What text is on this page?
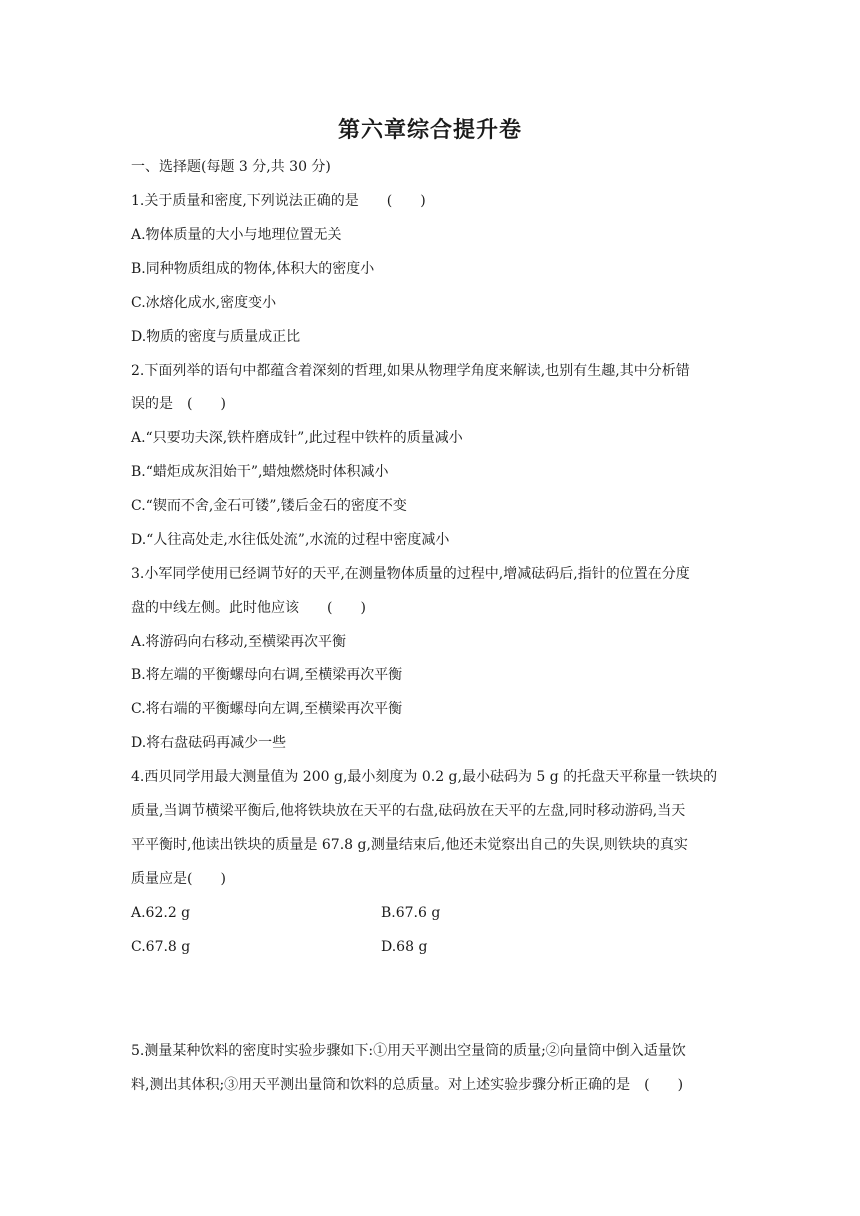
第六章综合提升卷
一、选择题(每题 3 分,共 30 分)
1.关于质量和密度,下列说法正确的是　　(　　)
A.物体质量的大小与地理位置无关
B.同种物质组成的物体,体积大的密度小
C.冰熔化成水,密度变小
D.物质的密度与质量成正比
2.下面列举的语句中都蕴含着深刻的哲理,如果从物理学角度来解读,也别有生趣,其中分析错
误的是　(　　)
A.“只要功夫深,铁杵磨成针”,此过程中铁杵的质量减小
B.“蜡炬成灰泪始干”,蜡烛燃烧时体积减小
C.“锲而不舍,金石可镂”,镂后金石的密度不变
D.“人往高处走,水往低处流”,水流的过程中密度减小
3.小军同学使用已经调节好的天平,在测量物体质量的过程中,增减砝码后,指针的位置在分度
盘的中线左侧。此时他应该　　(　　)
A.将游码向右移动,至横梁再次平衡
B.将左端的平衡螺母向右调,至横梁再次平衡
C.将右端的平衡螺母向左调,至横梁再次平衡
D.将右盘砝码再减少一些
4.西贝同学用最大测量值为 200 g,最小刻度为 0.2 g,最小砝码为 5 g 的托盘天平称量一铁块的
质量,当调节横梁平衡后,他将铁块放在天平的右盘,砝码放在天平的左盘,同时移动游码,当天
平平衡时,他读出铁块的质量是 67.8 g,测量结束后,他还未觉察出自己的失误,则铁块的真实
质量应是(　　)
A.62.2 g	B.67.6 g
C.67.8 g	D.68 g
5.测量某种饮料的密度时实验步骤如下:①用天平测出空量筒的质量;②向量筒中倒入适量饮
料,测出其体积;③用天平测出量筒和饮料的总质量。对上述实验步骤分析正确的是　(　　)
